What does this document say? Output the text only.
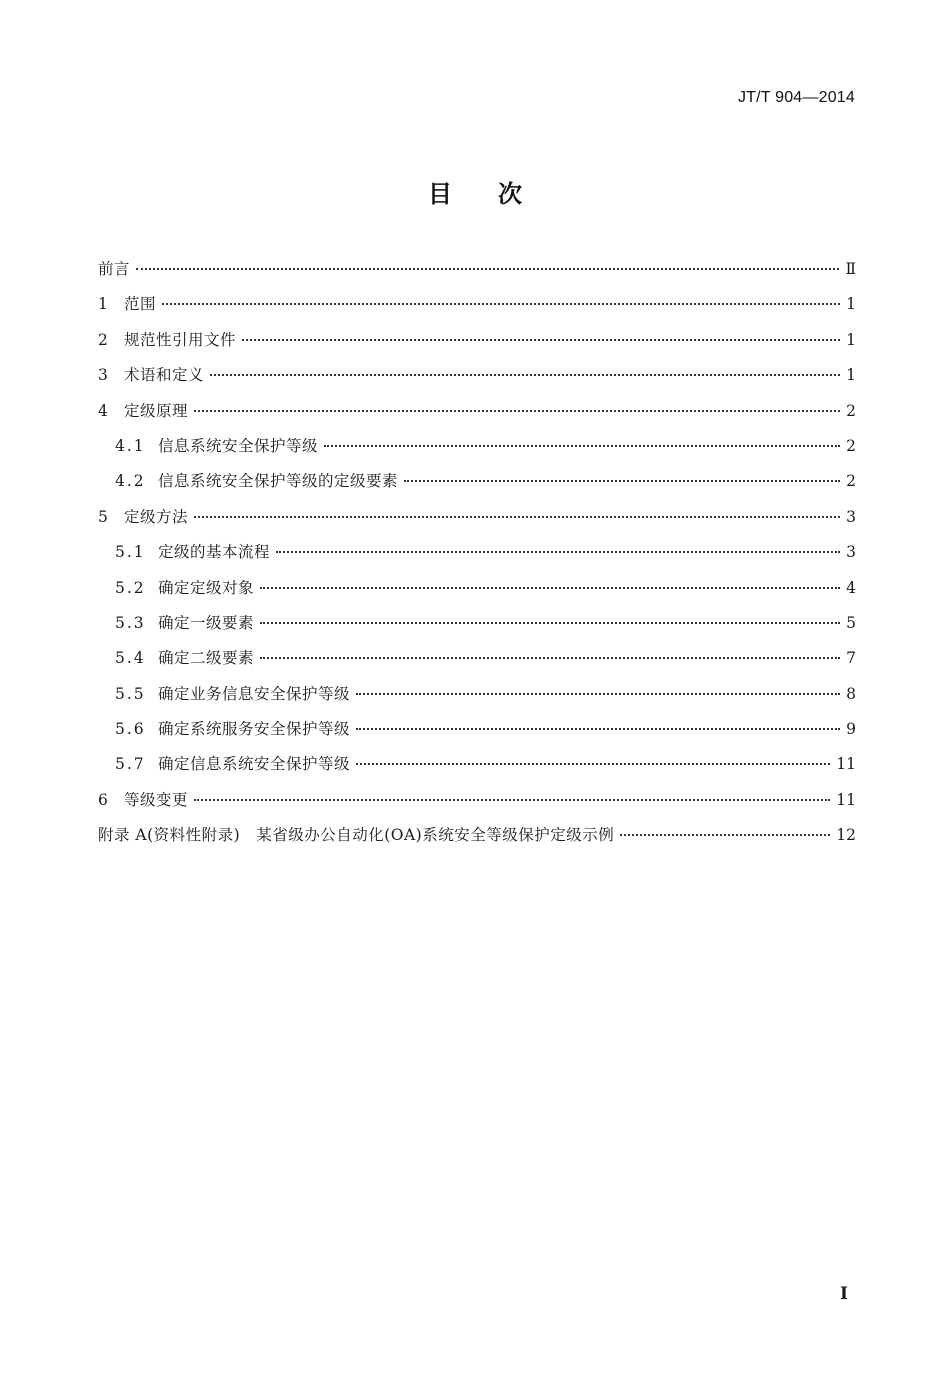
JT/T 904—2014
目次
前言	Ⅱ
1	范围	1
2	规范性引用文件	1
3	术语和定义	1
4	定级原理	2
4.1 信息系统安全保护等级	2
4.2 信息系统安全保护等级的定级要素	2
5	定级方法	3
5.1 定级的基本流程	3
5.2 确定定级对象	4
5.3 确定一级要素	5
5.4 确定二级要素	7
5.5 确定业务信息安全保护等级	8
5.6 确定系统服务安全保护等级	9
5.7 确定信息系统安全保护等级	11
6	等级变更	11
附录 A(资料性附录)　某省级办公自动化(OA)系统安全等级保护定级示例	12
I
